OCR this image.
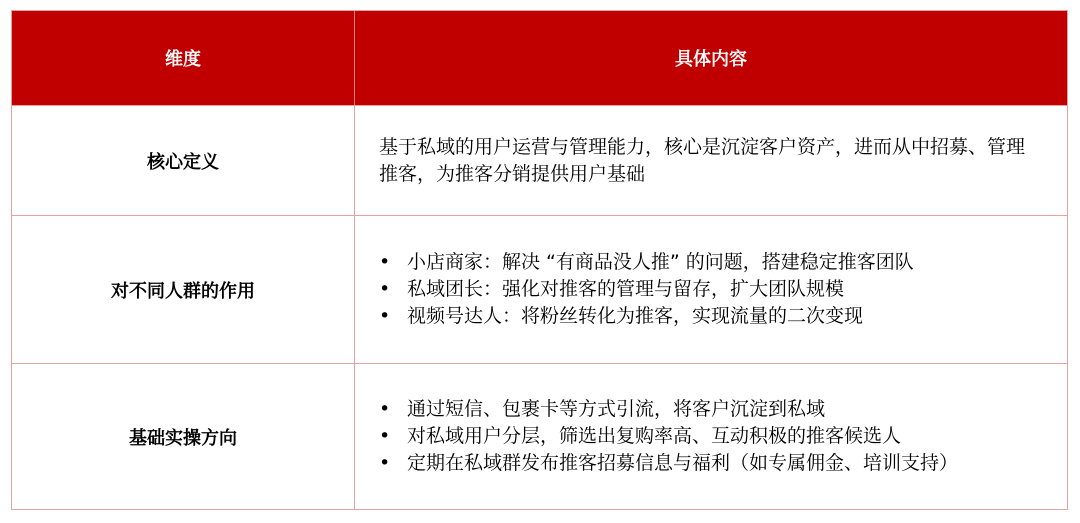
维度	具体内容
核心定义

基于私域的用户运营与管理能力，核心是沉淀客户资产，进而从中招募、管理推客，为推客分销提供用户基础

对不同人群的作用
• 小店商家：解决 “有商品没人推” 的问题，搭建稳定推客团队
• 私域团长：强化对推客的管理与留存，扩大团队规模
• 视频号达人：将粉丝转化为推客，实现流量的二次变现
基础实操方向
• 通过短信、包裹卡等方式引流，将客户沉淀到私域
• 对私域用户分层，筛选出复购率高、互动积极的推客候选人
• 定期在私域群发布推客招募信息与福利（如专属佣金、培训支持）
